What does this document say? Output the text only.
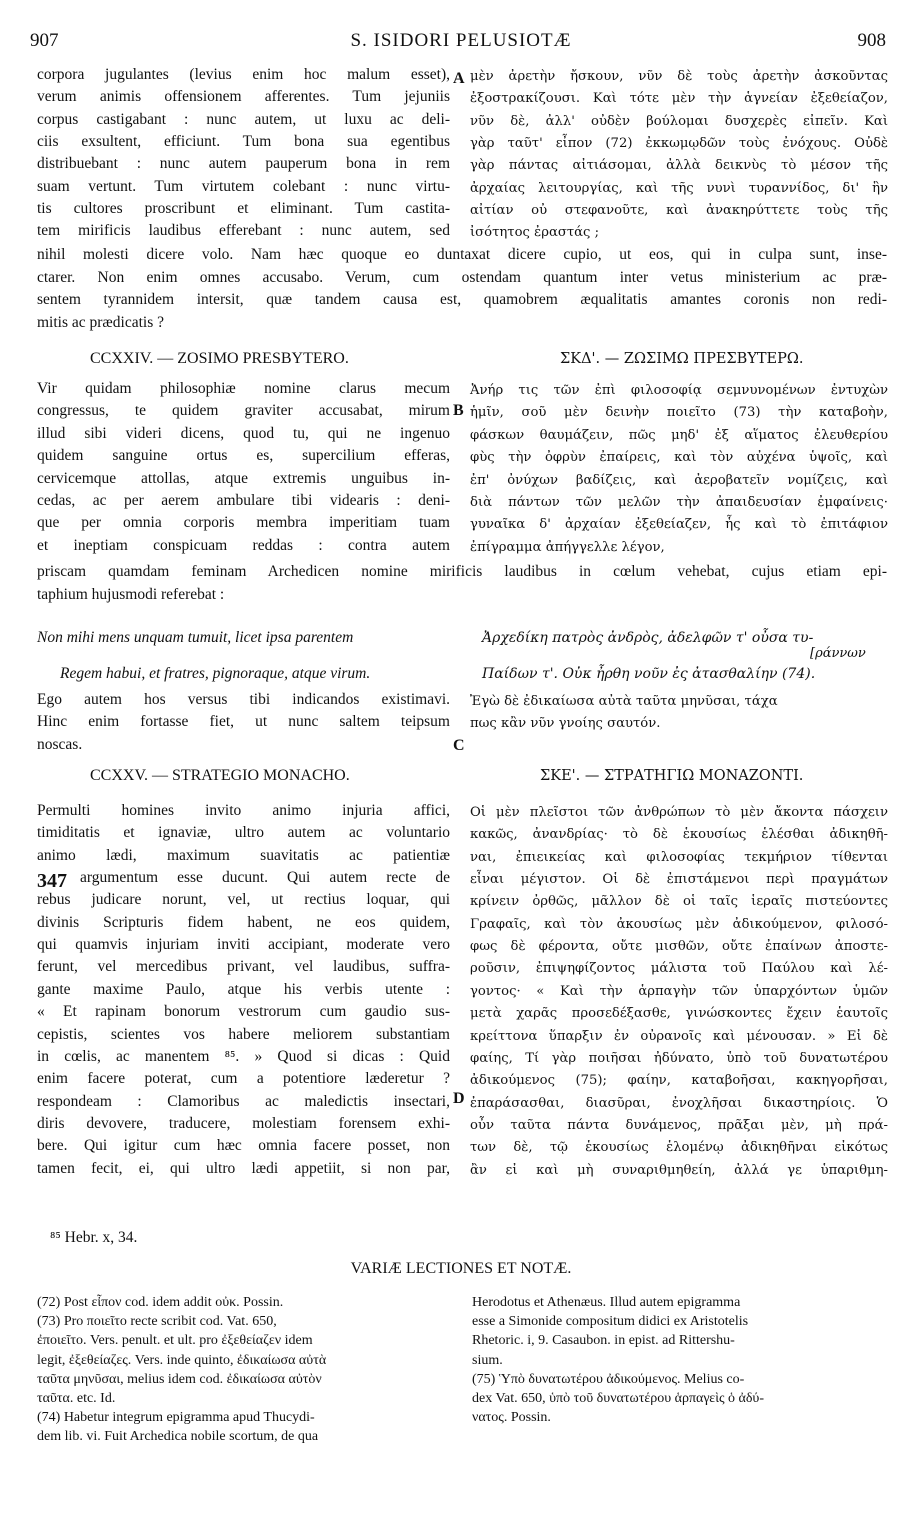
907	S. ISIDORI PELUSIOTÆ	908
A
B
C
D
corpora jugulantes (levius enim hoc malum esset),
verum animis offensionem afferentes. Tum jejuniis
corpus castigabant : nunc autem, ut luxu ac deli-
ciis exsultent, efficiunt. Tum bona sua egentibus
distribuebant : nunc autem pauperum bona in rem
suam vertunt. Tum virtutem colebant : nunc virtu-
tis cultores proscribunt et eliminant. Tum castita-
tem mirificis laudibus efferebant : nunc autem, sed
μὲν ἀρετὴν ἤσκουν, νῦν δὲ τοὺς ἀρετὴν ἀσκοῦντας
ἐξοστρακίζουσι. Καὶ τότε μὲν τὴν ἁγνείαν ἐξεθείαζον,
νῦν δὲ, ἀλλ' οὐδὲν βούλομαι δυσχερὲς εἰπεῖν. Καὶ
γὰρ ταῦτ' εἶπον (72) ἐκκωμῳδῶν τοὺς ἐνόχους. Οὐδὲ
γὰρ πάντας αἰτιάσομαι, ἀλλὰ δεικνὺς τὸ μέσον τῆς
ἀρχαίας λειτουργίας, καὶ τῆς νυνὶ τυραννίδος, δι' ἣν
αἰτίαν οὐ στεφανοῦτε, καὶ ἀνακηρύττετε τοὺς τῆς
ἰσότητος ἐραστάς ;
nihil molesti dicere volo. Nam hæc quoque eo duntaxat dicere cupio, ut eos, qui in culpa sunt, inse-
ctarer. Non enim omnes accusabo. Verum, cum ostendam quantum inter vetus ministerium ac præ-
sentem tyrannidem intersit, quæ tandem causa est, quamobrem æqualitatis amantes coronis non redi-
mitis ac prædicatis ?
CCXXIV. — ZOSIMO PRESBYTERO.	ΣΚΔ'. — ΖΩΣΙΜΩ ΠΡΕΣΒΥΤΕΡΩ.
Vir quidam philosophiæ nomine clarus mecum
congressus, te quidem graviter accusabat, mirum
illud sibi videri dicens, quod tu, qui ne ingenuo
quidem sanguine ortus es, supercilium efferas,
cervicemque attollas, atque extremis unguibus in-
cedas, ac per aerem ambulare tibi videaris : deni-
que per omnia corporis membra imperitiam tuam
et ineptiam conspicuam reddas : contra autem
Ἀνήρ τις τῶν ἐπὶ φιλοσοφίᾳ σεμνυνομένων ἐντυχὼν
ἡμῖν, σοῦ μὲν δεινὴν ποιεῖτο (73) τὴν καταβοὴν,
φάσκων θαυμάζειν, πῶς μηδ' ἐξ αἵματος ἐλευθερίου
φὺς τὴν ὀφρὺν ἐπαίρεις, καὶ τὸν αὐχένα ὑψοῖς, καὶ
ἐπ' ὀνύχων βαδίζεις, καὶ ἀεροβατεῖν νομίζεις, καὶ
διὰ πάντων τῶν μελῶν τὴν ἀπαιδευσίαν ἐμφαίνεις·
γυναῖκα δ' ἀρχαίαν ἐξεθείαζεν, ἧς καὶ τὸ ἐπιτάφιον
ἐπίγραμμα ἀπήγγελλε λέγον,
priscam quamdam feminam Archedicen nomine mirificis laudibus in cœlum vehebat, cujus etiam epi-
taphium hujusmodi referebat :
Non mihi mens unquam tumuit, licet ipsa parentem
Regem habui, et fratres, pignoraque, atque virum.
Ἀρχεδίκη πατρὸς ἀνδρὸς, ἀδελφῶν τ' οὖσα τυ-
[ράννων
Παίδων τ'. Οὐκ ἦρθη νοῦν ἐς ἀτασθαλίην (74).
Ego autem hos versus tibi indicandos existimavi.
Hinc enim fortasse fiet, ut nunc saltem teipsum
noscas.
Ἐγὼ δὲ ἐδικαίωσα αὐτὰ ταῦτα μηνῦσαι, τάχα
πως κἂν νῦν γνοίης σαυτόν.
CCXXV. — STRATEGIO MONACHO.	ΣΚΕ'. — ΣΤΡΑΤΗΓΙΩ ΜΟΝΑΖΟΝΤΙ.
Permulti homines invito animo injuria affici,
timiditatis et ignaviæ, ultro autem ac voluntario
animo lædi, maximum suavitatis ac patientiæ
argumentum esse ducunt. Qui autem recte de
rebus judicare norunt, vel, ut rectius loquar, qui
divinis Scripturis fidem habent, ne eos quidem,
qui quamvis injuriam inviti accipiant, moderate vero
ferunt, vel mercedibus privant, vel laudibus, suffra-
gante maxime Paulo, atque his verbis utente :
« Et rapinam bonorum vestrorum cum gaudio sus-
cepistis, scientes vos habere meliorem substantiam
in cœlis, ac manentem ⁸⁵. » Quod si dicas : Quid
enim facere poterat, cum a potentiore læderetur ?
respondeam : Clamoribus ac maledictis insectari,
diris devovere, traducere, molestiam forensem exhi-
bere. Qui igitur cum hæc omnia facere posset, non
tamen fecit, ei, qui ultro lædi appetiit, si non par,
347
Οἱ μὲν πλεῖστοι τῶν ἀνθρώπων τὸ μὲν ἄκοντα πάσχειν
κακῶς, ἀνανδρίας· τὸ δὲ ἑκουσίως ἑλέσθαι ἀδικηθῆ-
ναι, ἐπιεικείας καὶ φιλοσοφίας τεκμήριον τίθενται
εἶναι μέγιστον. Οἱ δὲ ἐπιστάμενοι περὶ πραγμάτων
κρίνειν ὀρθῶς, μᾶλλον δὲ οἱ ταῖς ἱεραῖς πιστεύοντες
Γραφαῖς, καὶ τὸν ἀκουσίως μὲν ἀδικούμενον, φιλοσό-
φως δὲ φέροντα, οὔτε μισθῶν, οὔτε ἐπαίνων ἀποστε-
ροῦσιν, ἐπιψηφίζοντος μάλιστα τοῦ Παύλου καὶ λέ-
γοντος· « Καὶ τὴν ἁρπαγὴν τῶν ὑπαρχόντων ὑμῶν
μετὰ χαρᾶς προσεδέξασθε, γινώσκοντες ἔχειν ἑαυτοῖς
κρείττονα ὕπαρξιν ἐν οὐρανοῖς καὶ μένουσαν. » Εἰ δὲ
φαίης, Τί γὰρ ποιῆσαι ἠδύνατο, ὑπὸ τοῦ δυνατωτέρου
ἀδικούμενος (75); φαίην, καταβοῆσαι, κακηγορῆσαι,
ἐπαράσασθαι, διασῦραι, ἐνοχλῆσαι δικαστηρίοις. Ὁ
οὖν ταῦτα πάντα δυνάμενος, πρᾶξαι μὲν, μὴ πρά-
των δὲ, τῷ ἑκουσίως ἑλομένῳ ἀδικηθῆναι εἰκότως
ἂν εἰ καὶ μὴ συναριθμηθείη, ἀλλά γε ὑπαριθμη-
⁸⁵ Hebr. x, 34.
VARIÆ LECTIONES ET NOTÆ.
(72) Post εἶπον cod. idem addit οὐκ. Possin.
(73) Pro ποιεῖτο recte scribit cod. Vat. 650,
ἐποιεῖτο. Vers. penult. et ult. pro ἐξεθείαζεν idem
legit, ἐξεθείαζες. Vers. inde quinto, ἐδικαίωσα αὐτὰ
ταῦτα μηνῦσαι, melius idem cod. ἐδικαίωσα αὐτὸν
ταῦτα. etc. Id.
(74) Habetur integrum epigramma apud Thucydi-
dem lib. vi. Fuit Archedica nobile scortum, de qua
Herodotus et Athenæus. Illud autem epigramma
esse a Simonide compositum didici ex Aristotelis
Rhetoric. i, 9. Casaubon. in epist. ad Rittershu-
sium.
(75) Ὑπὸ δυνατωτέρου ἀδικούμενος. Melius co-
dex Vat. 650, ὑπὸ τοῦ δυνατωτέρου ἁρπαγεὶς ὁ ἀδύ-
νατος. Possin.
